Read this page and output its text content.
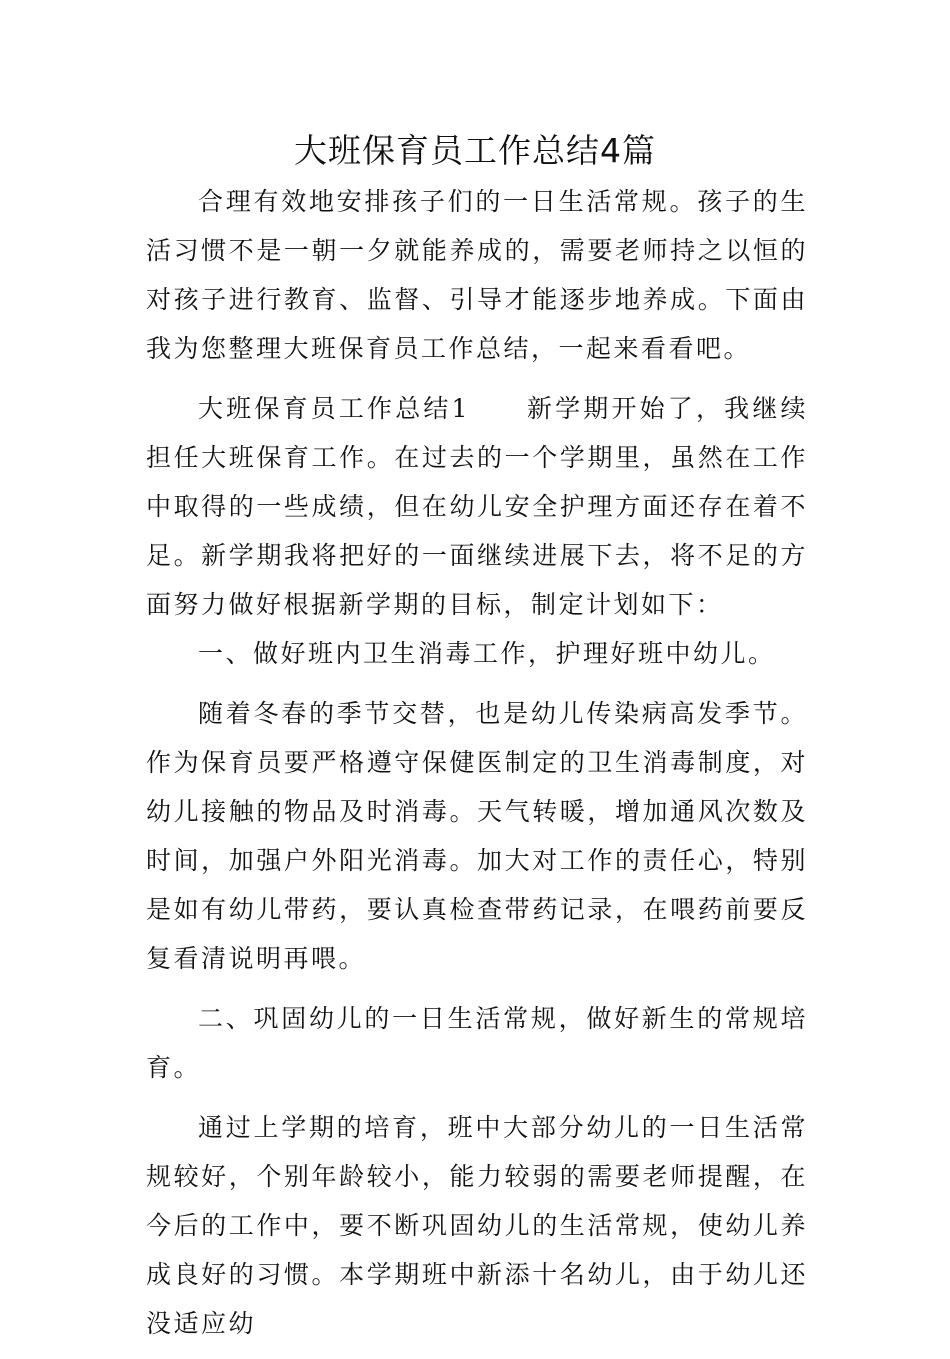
大班保育员工作总结4篇

合理有效地安排孩子们的一日生活常规。孩子的生活习惯不是一朝一夕就能养成的，需要老师持之以恒的对孩子进行教育、监督、引导才能逐步地养成。下面由我为您整理大班保育员工作总结，一起来看看吧。

大班保育员工作总结1　　新学期开始了，我继续担任大班保育工作。在过去的一个学期里，虽然在工作中取得的一些成绩，但在幼儿安全护理方面还存在着不足。新学期我将把好的一面继续进展下去，将不足的方面努力做好根据新学期的目标，制定计划如下：

一、做好班内卫生消毒工作，护理好班中幼儿。

随着冬春的季节交替，也是幼儿传染病高发季节。作为保育员要严格遵守保健医制定的卫生消毒制度，对幼儿接触的物品及时消毒。天气转暖，增加通风次数及时间，加强户外阳光消毒。加大对工作的责任心，特别是如有幼儿带药，要认真检查带药记录，在喂药前要反复看清说明再喂。

二、巩固幼儿的一日生活常规，做好新生的常规培育。

通过上学期的培育，班中大部分幼儿的一日生活常规较好，个别年龄较小，能力较弱的需要老师提醒，在今后的工作中，要不断巩固幼儿的生活常规，使幼儿养成良好的习惯。本学期班中新添十名幼儿，由于幼儿还没适应幼
